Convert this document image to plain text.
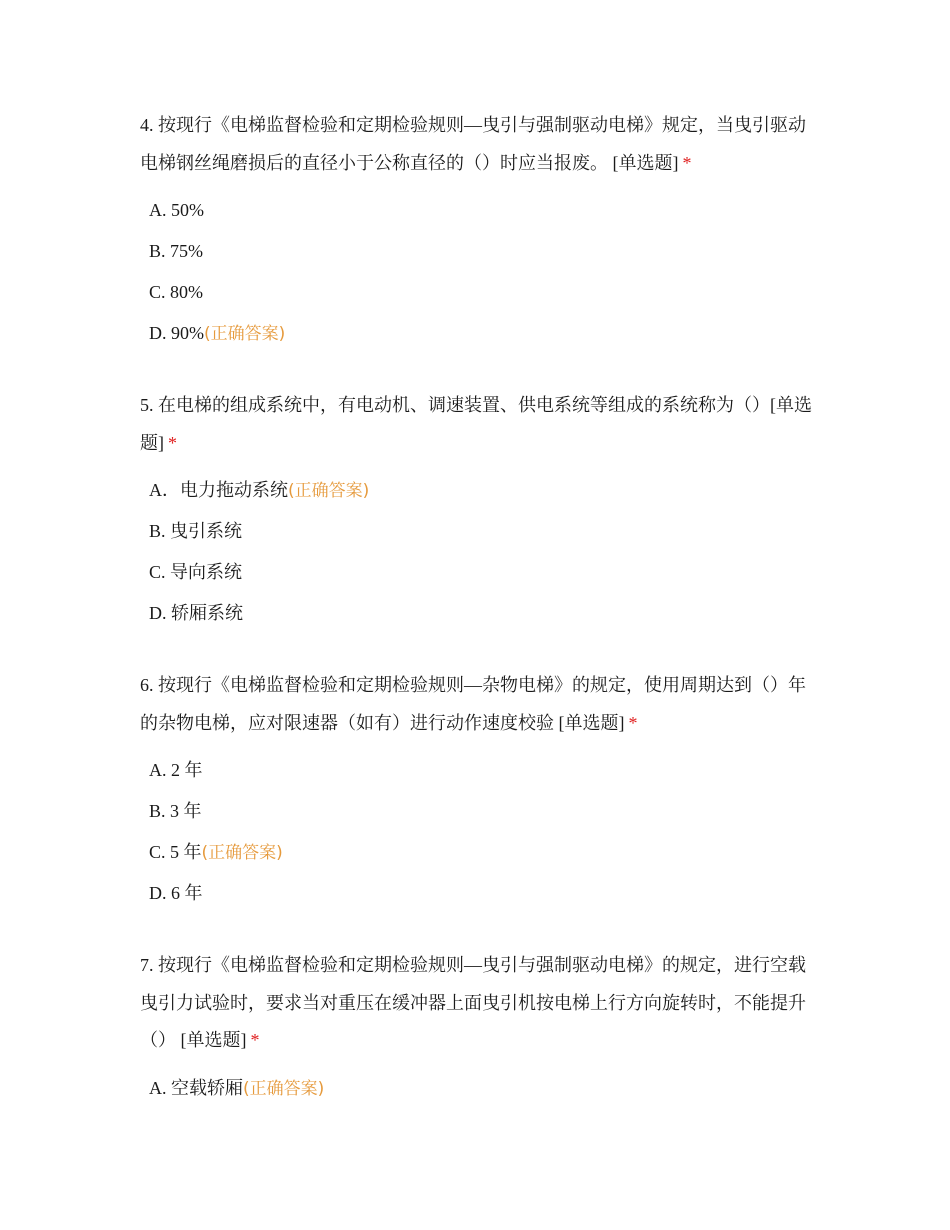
4. 按现行《电梯监督检验和定期检验规则—曳引与强制驱动电梯》规定，当曳引驱动电梯钢丝绳磨损后的直径小于公称直径的（）时应当报废。 [单选题] *

A. 50%
B. 75%
C. 80%
D. 90%(正确答案)

5. 在电梯的组成系统中，有电动机、调速装置、供电系统等组成的系统称为（）[单选题] *

A．电力拖动系统(正确答案)
B. 曳引系统
C. 导向系统
D. 轿厢系统

6. 按现行《电梯监督检验和定期检验规则—杂物电梯》的规定，使用周期达到（）年的杂物电梯，应对限速器（如有）进行动作速度校验 [单选题] *

A. 2 年
B. 3 年
C. 5 年(正确答案)
D. 6 年

7. 按现行《电梯监督检验和定期检验规则—曳引与强制驱动电梯》的规定，进行空载曳引力试验时，要求当对重压在缓冲器上面曳引机按电梯上行方向旋转时，不能提升（） [单选题] *

A. 空载轿厢(正确答案)
